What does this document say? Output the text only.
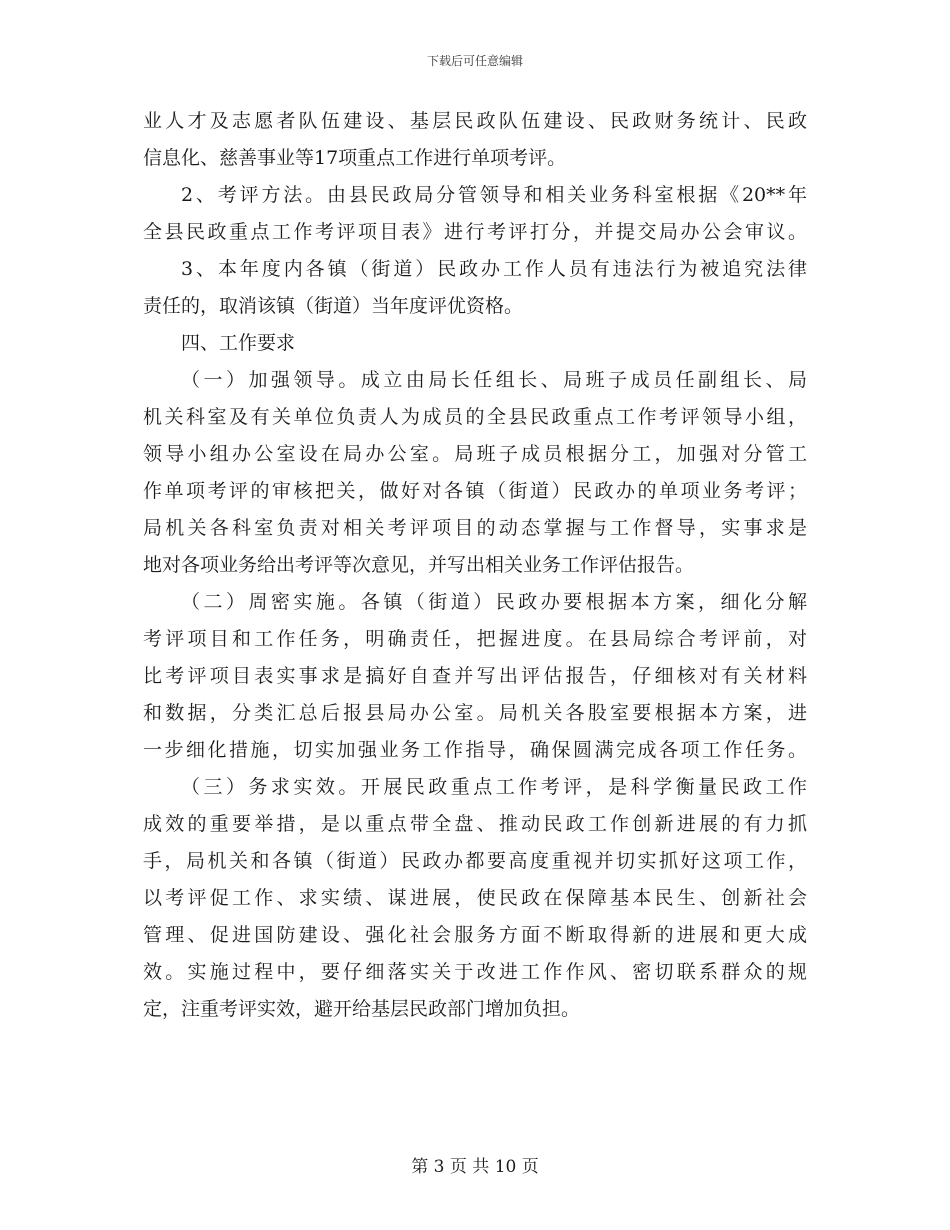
下载后可任意编辑
业人才及志愿者队伍建设、基层民政队伍建设、民政财务统计、民政
信息化、慈善事业等17项重点工作进行单项考评。
2、考评方法。由县民政局分管领导和相关业务科室根据《20**年
全县民政重点工作考评项目表》进行考评打分，并提交局办公会审议。
3、本年度内各镇（街道）民政办工作人员有违法行为被追究法律
责任的，取消该镇（街道）当年度评优资格。
四、工作要求
（一）加强领导。成立由局长任组长、局班子成员任副组长、局
机关科室及有关单位负责人为成员的全县民政重点工作考评领导小组，
领导小组办公室设在局办公室。局班子成员根据分工，加强对分管工
作单项考评的审核把关，做好对各镇（街道）民政办的单项业务考评；
局机关各科室负责对相关考评项目的动态掌握与工作督导，实事求是
地对各项业务给出考评等次意见，并写出相关业务工作评估报告。
（二）周密实施。各镇（街道）民政办要根据本方案，细化分解
考评项目和工作任务，明确责任，把握进度。在县局综合考评前，对
比考评项目表实事求是搞好自查并写出评估报告，仔细核对有关材料
和数据，分类汇总后报县局办公室。局机关各股室要根据本方案，进
一步细化措施，切实加强业务工作指导，确保圆满完成各项工作任务。
（三）务求实效。开展民政重点工作考评，是科学衡量民政工作
成效的重要举措，是以重点带全盘、推动民政工作创新进展的有力抓
手，局机关和各镇（街道）民政办都要高度重视并切实抓好这项工作，
以考评促工作、求实绩、谋进展，使民政在保障基本民生、创新社会
管理、促进国防建设、强化社会服务方面不断取得新的进展和更大成
效。实施过程中，要仔细落实关于改进工作作风、密切联系群众的规
定，注重考评实效，避开给基层民政部门增加负担。
第 3 页 共 10 页
